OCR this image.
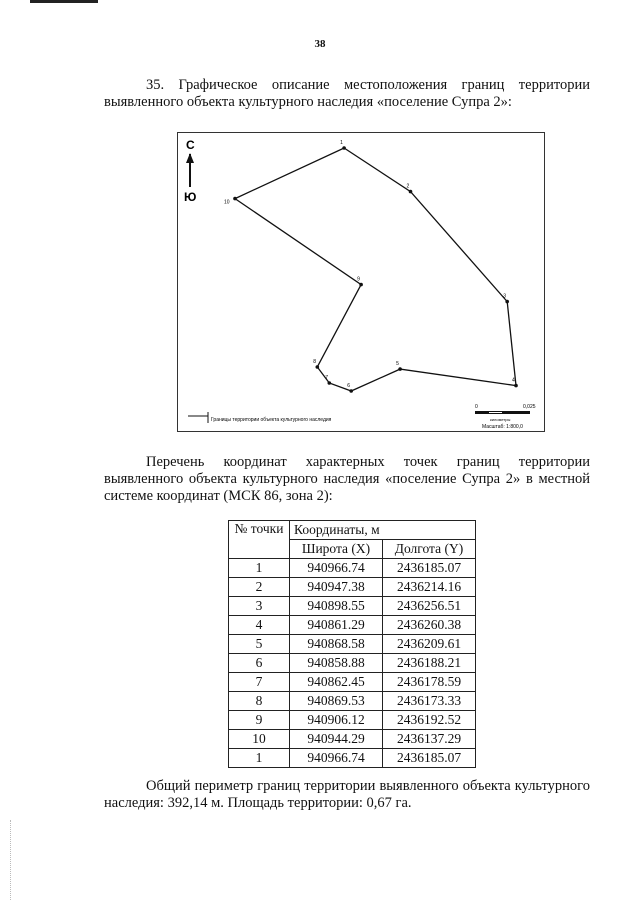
38
35. Графическое описание местоположения границ территории выявленного объекта культурного наследия «поселение Супра 2»:
С
Ю
1
2
3
4
5
6
7
8
9
10
Границы территории объекта культурного наследия
0	0,025
километры
Масштаб: 1:800,0
Перечень координат характерных точек границ территории выявленного объекта культурного наследия «поселение Супра 2» в местной системе координат (МСК 86, зона 2):
№ точки	Координаты, м	
	Широта (X)	Долгота (Y)
1	940966.74	2436185.07
2	940947.38	2436214.16
3	940898.55	2436256.51
4	940861.29	2436260.38
5	940868.58	2436209.61
6	940858.88	2436188.21
7	940862.45	2436178.59
8	940869.53	2436173.33
9	940906.12	2436192.52
10	940944.29	2436137.29
1	940966.74	2436185.07
Общий периметр границ территории выявленного объекта культурного наследия: 392,14 м. Площадь территории: 0,67 га.
